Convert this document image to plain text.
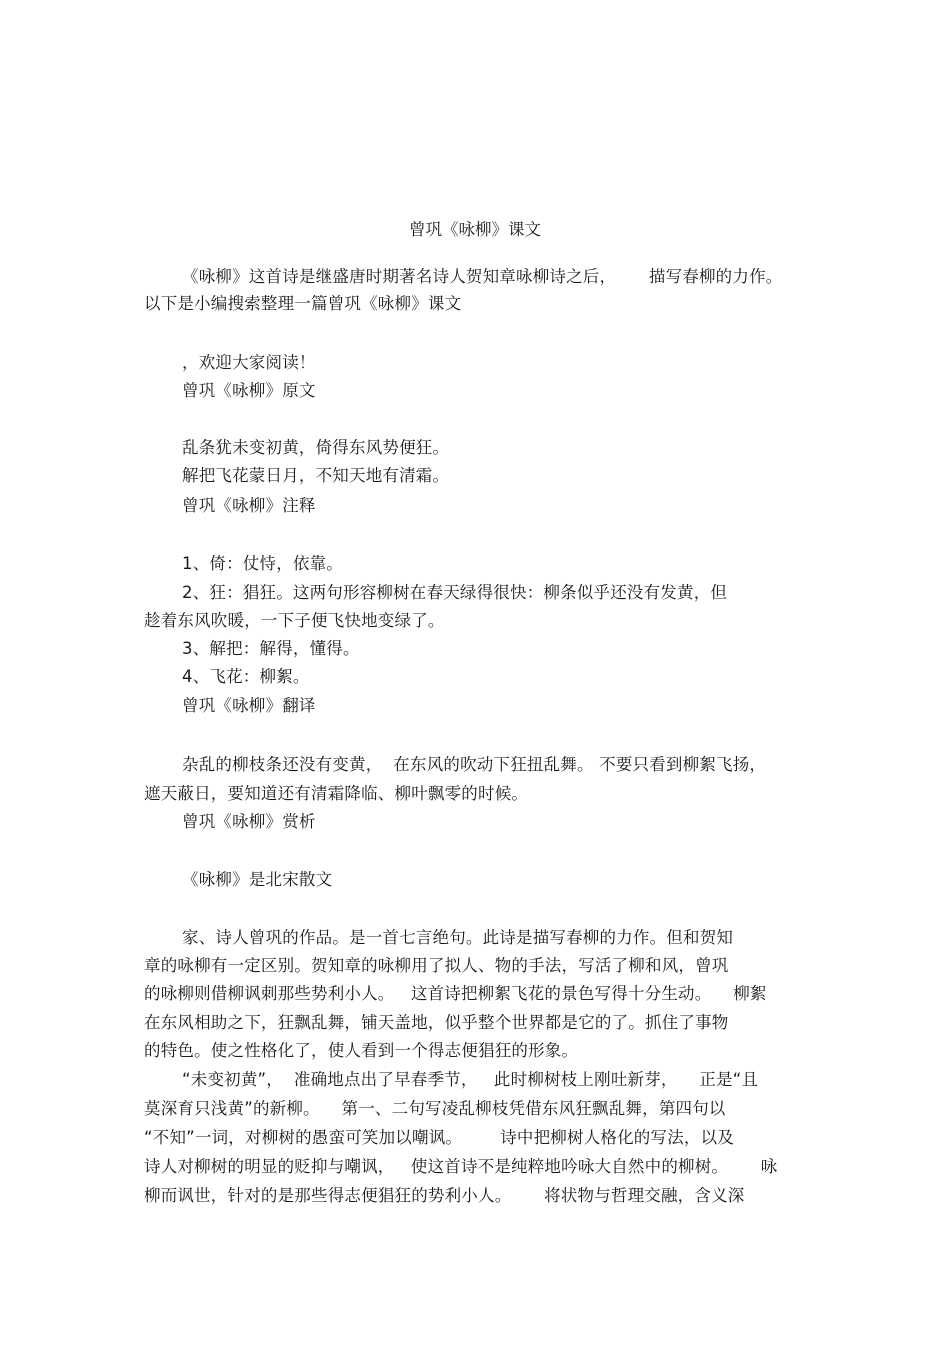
曾巩《咏柳》课文
《咏柳》这首诗是继盛唐时期著名诗人贺知章咏柳诗之后，      描写春柳的力作。
以下是小编搜索整理一篇曾巩《咏柳》课文
，欢迎大家阅读！
曾巩《咏柳》原文
乱条犹未变初黄，倚得东风势便狂。
解把飞花蒙日月，不知天地有清霜。
曾巩《咏柳》注释
1、倚：仗恃，依靠。
2、狂：猖狂。这两句形容柳树在春天绿得很快：柳条似乎还没有发黄，但
趁着东风吹暖，一下子便飞快地变绿了。
3、解把：解得，懂得。
4、飞花：柳絮。
曾巩《咏柳》翻译
杂乱的柳枝条还没有变黄，  在东风的吹动下狂扭乱舞。 不要只看到柳絮飞扬，
遮天蔽日，要知道还有清霜降临、柳叶飘零的时候。
曾巩《咏柳》赏析
《咏柳》是北宋散文
家、诗人曾巩的作品。是一首七言绝句。此诗是描写春柳的力作。但和贺知
章的咏柳有一定区别。贺知章的咏柳用了拟人、物的手法，写活了柳和风，曾巩
的咏柳则借柳讽刺那些势利小人。   这首诗把柳絮飞花的景色写得十分生动。    柳絮
在东风相助之下，狂飘乱舞，铺天盖地，似乎整个世界都是它的了。抓住了事物
的特色。使之性格化了，使人看到一个得志便猖狂的形象。
“未变初黄”，  准确地点出了早春季节，   此时柳树枝上刚吐新芽，    正是“且
莫深育只浅黄”的新柳。    第一、二句写凌乱柳枝凭借东风狂飘乱舞，第四句以
“不知”一词，对柳树的愚蛮可笑加以嘲讽。       诗中把柳树人格化的写法，以及
诗人对柳树的明显的贬抑与嘲讽，   使这首诗不是纯粹地吟咏大自然中的柳树。      咏
柳而讽世，针对的是那些得志便猖狂的势利小人。      将状物与哲理交融，含义深
